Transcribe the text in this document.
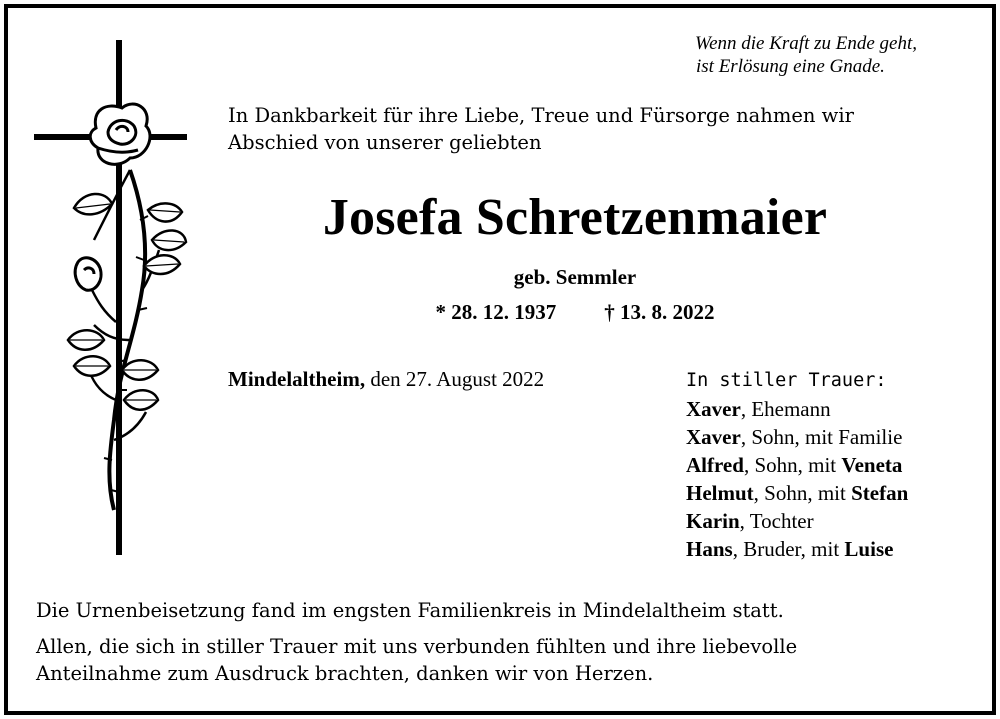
Wenn die Kraft zu Ende geht,
ist Erlösung eine Gnade.
In Dankbarkeit für ihre Liebe, Treue und Fürsorge nahmen wir
Abschied von unserer geliebten
Josefa Schretzenmaier
geb. Semmler
* 28. 12. 1937 † 13. 8. 2022
Mindelaltheim, den 27. August 2022	In stiller Trauer:
Xaver, Ehemann
Xaver, Sohn, mit Familie
Alfred, Sohn, mit Veneta
Helmut, Sohn, mit Stefan
Karin, Tochter
Hans, Bruder, mit Luise

Die Urnenbeisetzung fand im engsten Familienkreis in Mindelaltheim statt.

Allen, die sich in stiller Trauer mit uns verbunden fühlten und ihre liebevolle
Anteilnahme zum Ausdruck brachten, danken wir von Herzen.
